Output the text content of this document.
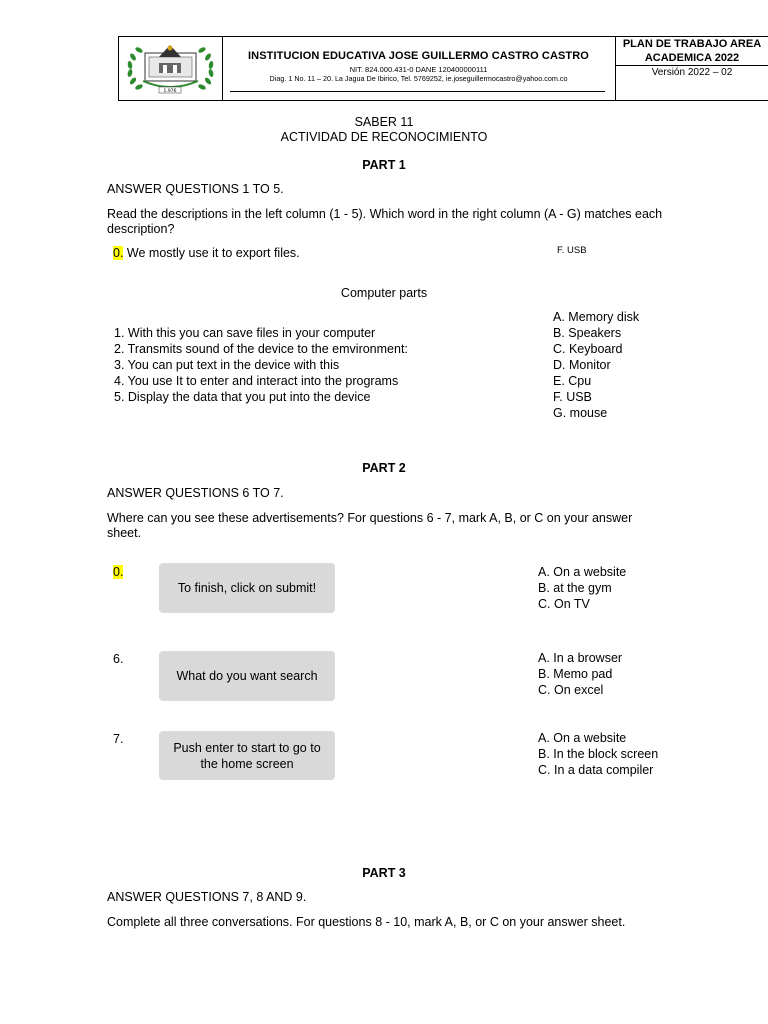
1.976
INSTITUCION EDUCATIVA JOSE GUILLERMO CASTRO CASTRO
NIT. 824.000.431-0 DANE 120400000111
Diag. 1 No. 11 – 20. La Jagua De Ibirico, Tel. 5769252, ie.joseguillermocastro@yahoo.com.co
PLAN DE TRABAJO AREA
ACADEMICA 2022
Versión 2022 – 02
SABER 11
ACTIVIDAD DE RECONOCIMIENTO
PART 1
ANSWER QUESTIONS 1 TO 5.
Read the descriptions in the left column (1 - 5). Which word in the right column (A - G) matches each
description?
0. We mostly use it to export files.	F. USB
Computer parts
1. With this you can save files in your computer
2. Transmits sound of the device to the emvironment:
3. You can put text in the device with this
4. You use It to enter and interact into the programs
5. Display the data that you put into the device
A. Memory disk
B. Speakers
C. Keyboard
D. Monitor
E. Cpu
F. USB
G. mouse
PART 2
ANSWER QUESTIONS 6 TO 7.
Where can you see these advertisements? For questions 6 - 7, mark A, B, or C on your answer
sheet.
0.
To finish, click on submit!
A. On a website
B. at the gym
C. On TV
6.
What do you want search
A. In a browser
B. Memo pad
C. On excel
7.
Push enter to start to go to
the home screen
A. On a website
B. In the block screen
C. In a data compiler
PART 3
ANSWER QUESTIONS 7, 8 AND 9.
Complete all three conversations. For questions 8 - 10, mark A, B, or C on your answer sheet.
